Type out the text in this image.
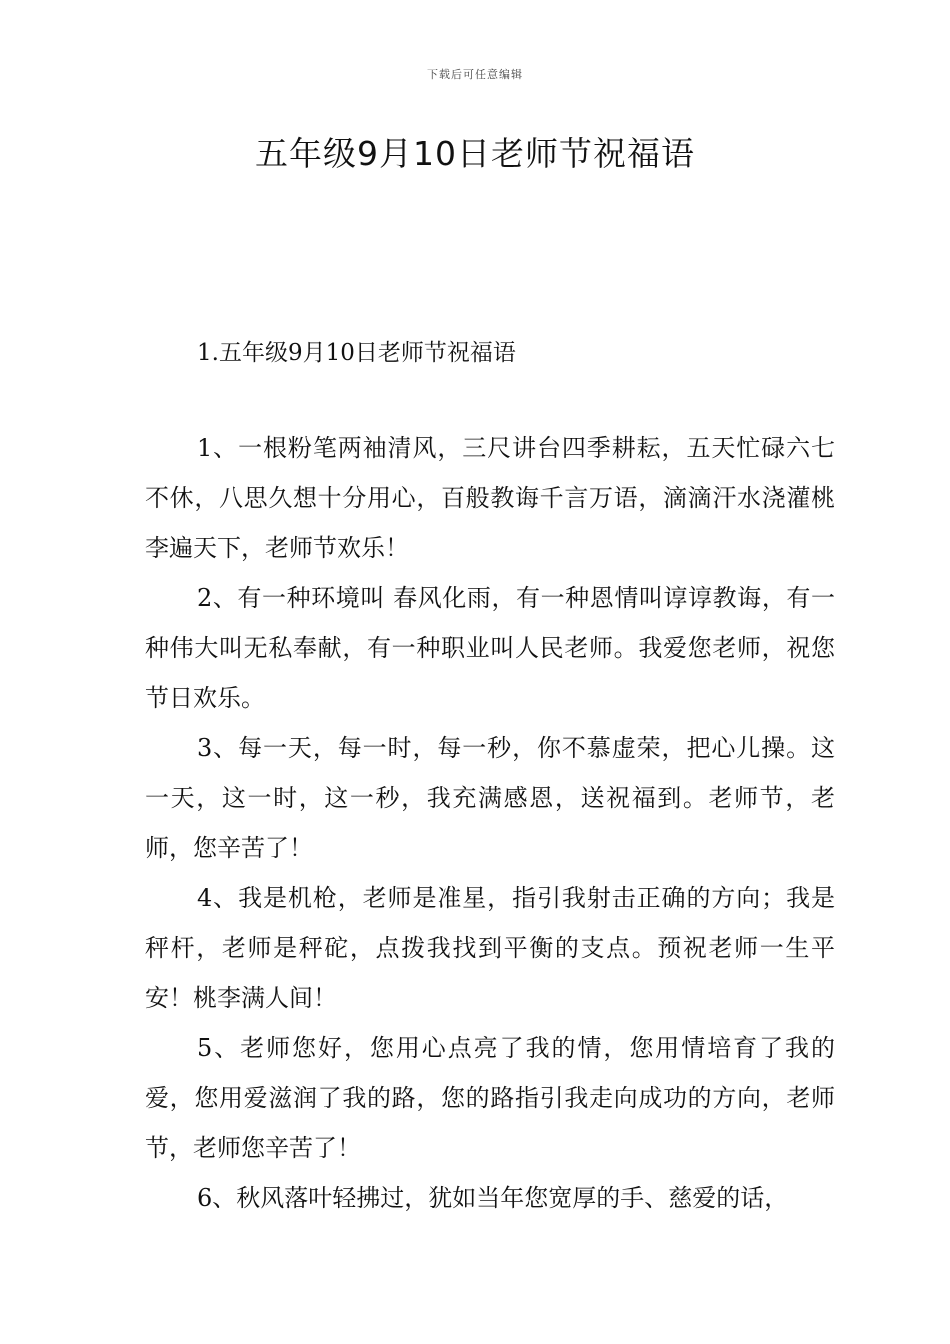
下载后可任意编辑
五年级9月10日老师节祝福语
1.五年级9月10日老师节祝福语

1、一根粉笔两袖清风，三尺讲台四季耕耘，五天忙碌六七不休，八思久想十分用心，百般教诲千言万语，滴滴汗水浇灌桃李遍天下，老师节欢乐！

2、有一种环境叫 春风化雨，有一种恩情叫谆谆教诲，有一种伟大叫无私奉献，有一种职业叫人民老师。我爱您老师，祝您节日欢乐。

3、每一天，每一时，每一秒，你不慕虚荣，把心儿操。这一天，这一时，这一秒，我充满感恩，送祝福到。老师节，老师，您辛苦了！

4、我是机枪，老师是准星，指引我射击正确的方向；我是秤杆，老师是秤砣，点拨我找到平衡的支点。预祝老师一生平安！桃李满人间！

5、老师您好，您用心点亮了我的情，您用情培育了我的爱，您用爱滋润了我的路，您的路指引我走向成功的方向，老师节，老师您辛苦了！

6、秋风落叶轻拂过，犹如当年您宽厚的手、慈爱的话，
